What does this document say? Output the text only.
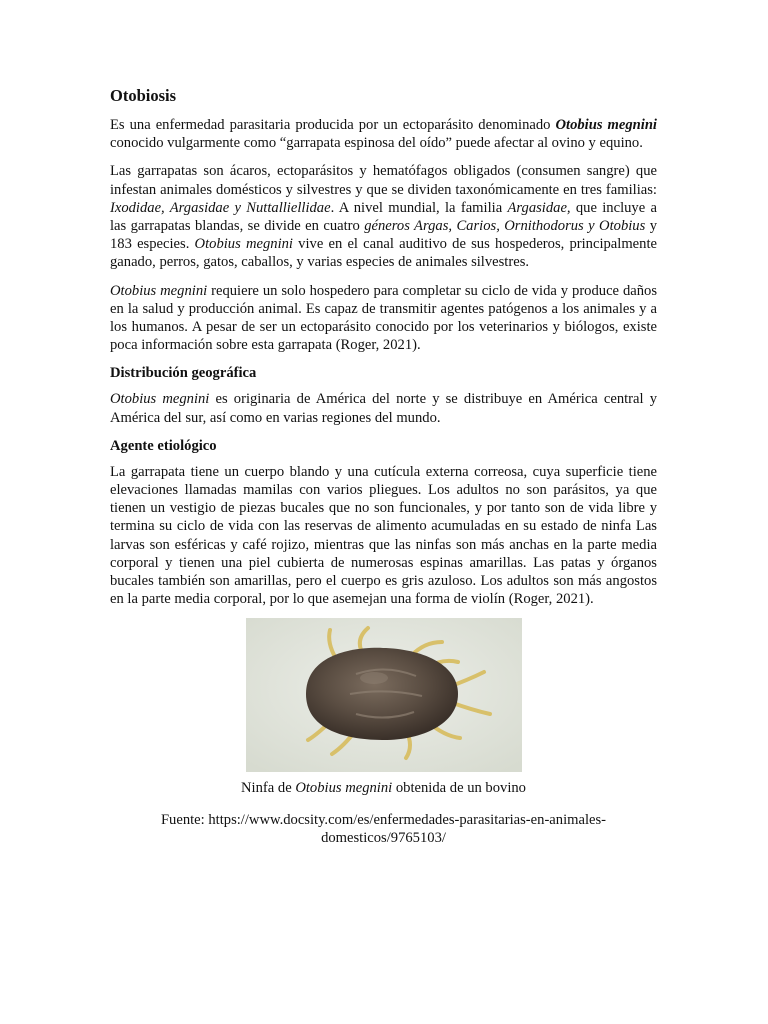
Otobiosis

Es una enfermedad parasitaria producida por un ectoparásito denominado Otobius megnini conocido vulgarmente como “garrapata espinosa del oído” puede afectar al ovino y equino.

Las garrapatas son ácaros, ectoparásitos y hematófagos obligados (consumen sangre) que infestan animales domésticos y silvestres y que se dividen taxonómicamente en tres familias: Ixodidae, Argasidae y Nuttalliellidae. A nivel mundial, la familia Argasidae, que incluye a las garrapatas blandas, se divide en cuatro géneros Argas, Carios, Ornithodorus y Otobius y 183 especies. Otobius megnini vive en el canal auditivo de sus hospederos, principalmente ganado, perros, gatos, caballos, y varias especies de animales silvestres.

Otobius megnini requiere un solo hospedero para completar su ciclo de vida y produce daños en la salud y producción animal. Es capaz de transmitir agentes patógenos a los animales y a los humanos. A pesar de ser un ectoparásito conocido por los veterinarios y biólogos, existe poca información sobre esta garrapata (Roger, 2021).

Distribución geográfica

Otobius megnini es originaria de América del norte y se distribuye en América central y América del sur, así como en varias regiones del mundo.

Agente etiológico

La garrapata tiene un cuerpo blando y una cutícula externa correosa, cuya superficie tiene elevaciones llamadas mamilas con varios pliegues. Los adultos no son parásitos, ya que tienen un vestigio de piezas bucales que no son funcionales, y por tanto son de vida libre y termina su ciclo de vida con las reservas de alimento acumuladas en su estado de ninfa Las larvas son esféricas y café rojizo, mientras que las ninfas son más anchas en la parte media corporal y tienen una piel cubierta de numerosas espinas amarillas. Las patas y órganos bucales también son amarillas, pero el cuerpo es gris azuloso. Los adultos son más angostos en la parte media corporal, por lo que asemejan una forma de violín (Roger, 2021).

Ninfa de Otobius megnini obtenida de un bovino

Fuente: https://www.docsity.com/es/enfermedades-parasitarias-en-animales-
domesticos/9765103/
